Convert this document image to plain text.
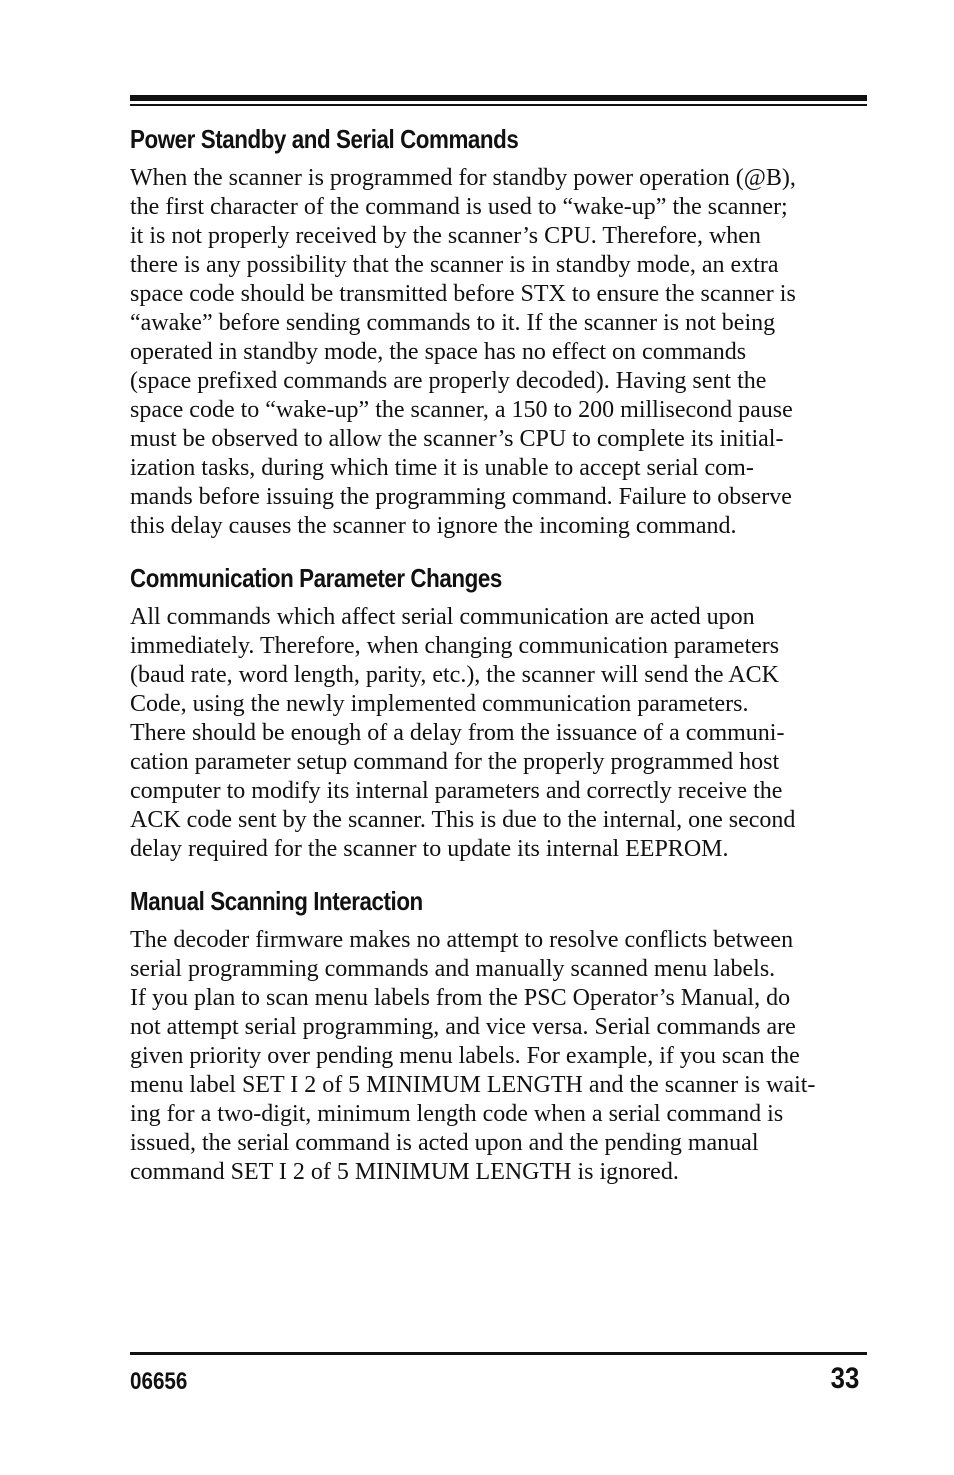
Power Standby and Serial Commands

When the scanner is programmed for standby power operation (@B),
the first character of the command is used to “wake-up” the scanner;
it is not properly received by the scanner’s CPU. Therefore, when
there is any possibility that the scanner is in standby mode, an extra
space code should be transmitted before STX to ensure the scanner is
“awake” before sending commands to it. If the scanner is not being
operated in standby mode, the space has no effect on commands
(space prefixed commands are properly decoded). Having sent the
space code to “wake-up” the scanner, a 150 to 200 millisecond pause
must be observed to allow the scanner’s CPU to complete its initial-
ization tasks, during which time it is unable to accept serial com-
mands before issuing the programming command. Failure to observe
this delay causes the scanner to ignore the incoming command.

Communication Parameter Changes

All commands which affect serial communication are acted upon
immediately. Therefore, when changing communication parameters
(baud rate, word length, parity, etc.), the scanner will send the ACK
Code, using the newly implemented communication parameters.
There should be enough of a delay from the issuance of a communi-
cation parameter setup command for the properly programmed host
computer to modify its internal parameters and correctly receive the
ACK code sent by the scanner. This is due to the internal, one second
delay required for the scanner to update its internal EEPROM.

Manual Scanning Interaction

The decoder firmware makes no attempt to resolve conflicts between
serial programming commands and manually scanned menu labels.
If you plan to scan menu labels from the PSC Operator’s Manual, do
not attempt serial programming, and vice versa. Serial commands are
given priority over pending menu labels. For example, if you scan the
menu label SET I 2 of 5 MINIMUM LENGTH and the scanner is wait-
ing for a two-digit, minimum length code when a serial command is
issued, the serial command is acted upon and the pending manual
command SET I 2 of 5 MINIMUM LENGTH is ignored.

06656	33
